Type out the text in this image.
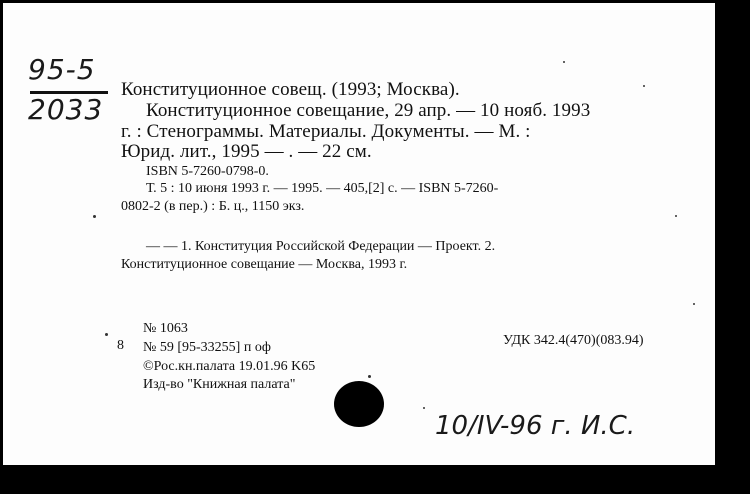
95-5
2033
Конституционное совещ. (1993; Москва).
Конституционное совещание, 29 апр. — 10 нояб. 1993
г. : Стенограммы. Материалы. Документы. — М. :
Юрид. лит., 1995 — . — 22 см.
ISBN 5-7260-0798-0.
Т. 5 : 10 июня 1993 г. — 1995. — 405,[2] с. — ISBN 5-7260-
0802-2 (в пер.) : Б. ц., 1150 экз.
— — 1. Конституция Российской Федерации — Проект. 2.
Конституционное совещание — Москва, 1993 г.
8
№ 1063
№ 59 [95-33255] п оф
©Рос.кн.палата 19.01.96 K65
Изд-во "Книжная палата"
УДК 342.4(470)(083.94)
10/IV-96 г. И.С.
